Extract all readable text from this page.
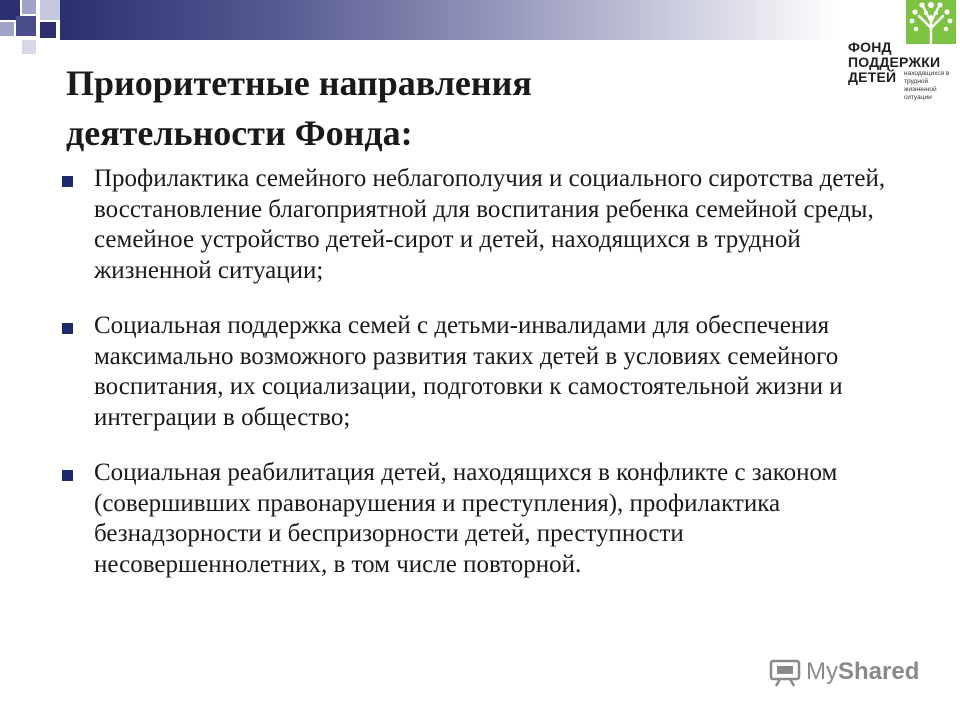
Приоритетные направления
деятельности Фонда:
ФОНД
ПОДДЕРЖКИ
ДЕТЕЙ находящихся в трудной жизненной ситуации
Профилактика семейного неблагополучия и социального сиротства детей, восстановление благоприятной для воспитания ребенка семейной среды, семейное устройство детей-сирот и детей, находящихся в трудной жизненной ситуации;
Социальная поддержка семей с детьми-инвалидами для обеспечения максимально возможного развития таких детей в условиях семейного воспитания, их социализации, подготовки к самостоятельной жизни и интеграции в общество;
Социальная реабилитация детей, находящихся в конфликте с законом (совершивших правонарушения и преступления), профилактика безнадзорности и беспризорности детей, преступности несовершеннолетних, в том числе повторной.
My Shared
